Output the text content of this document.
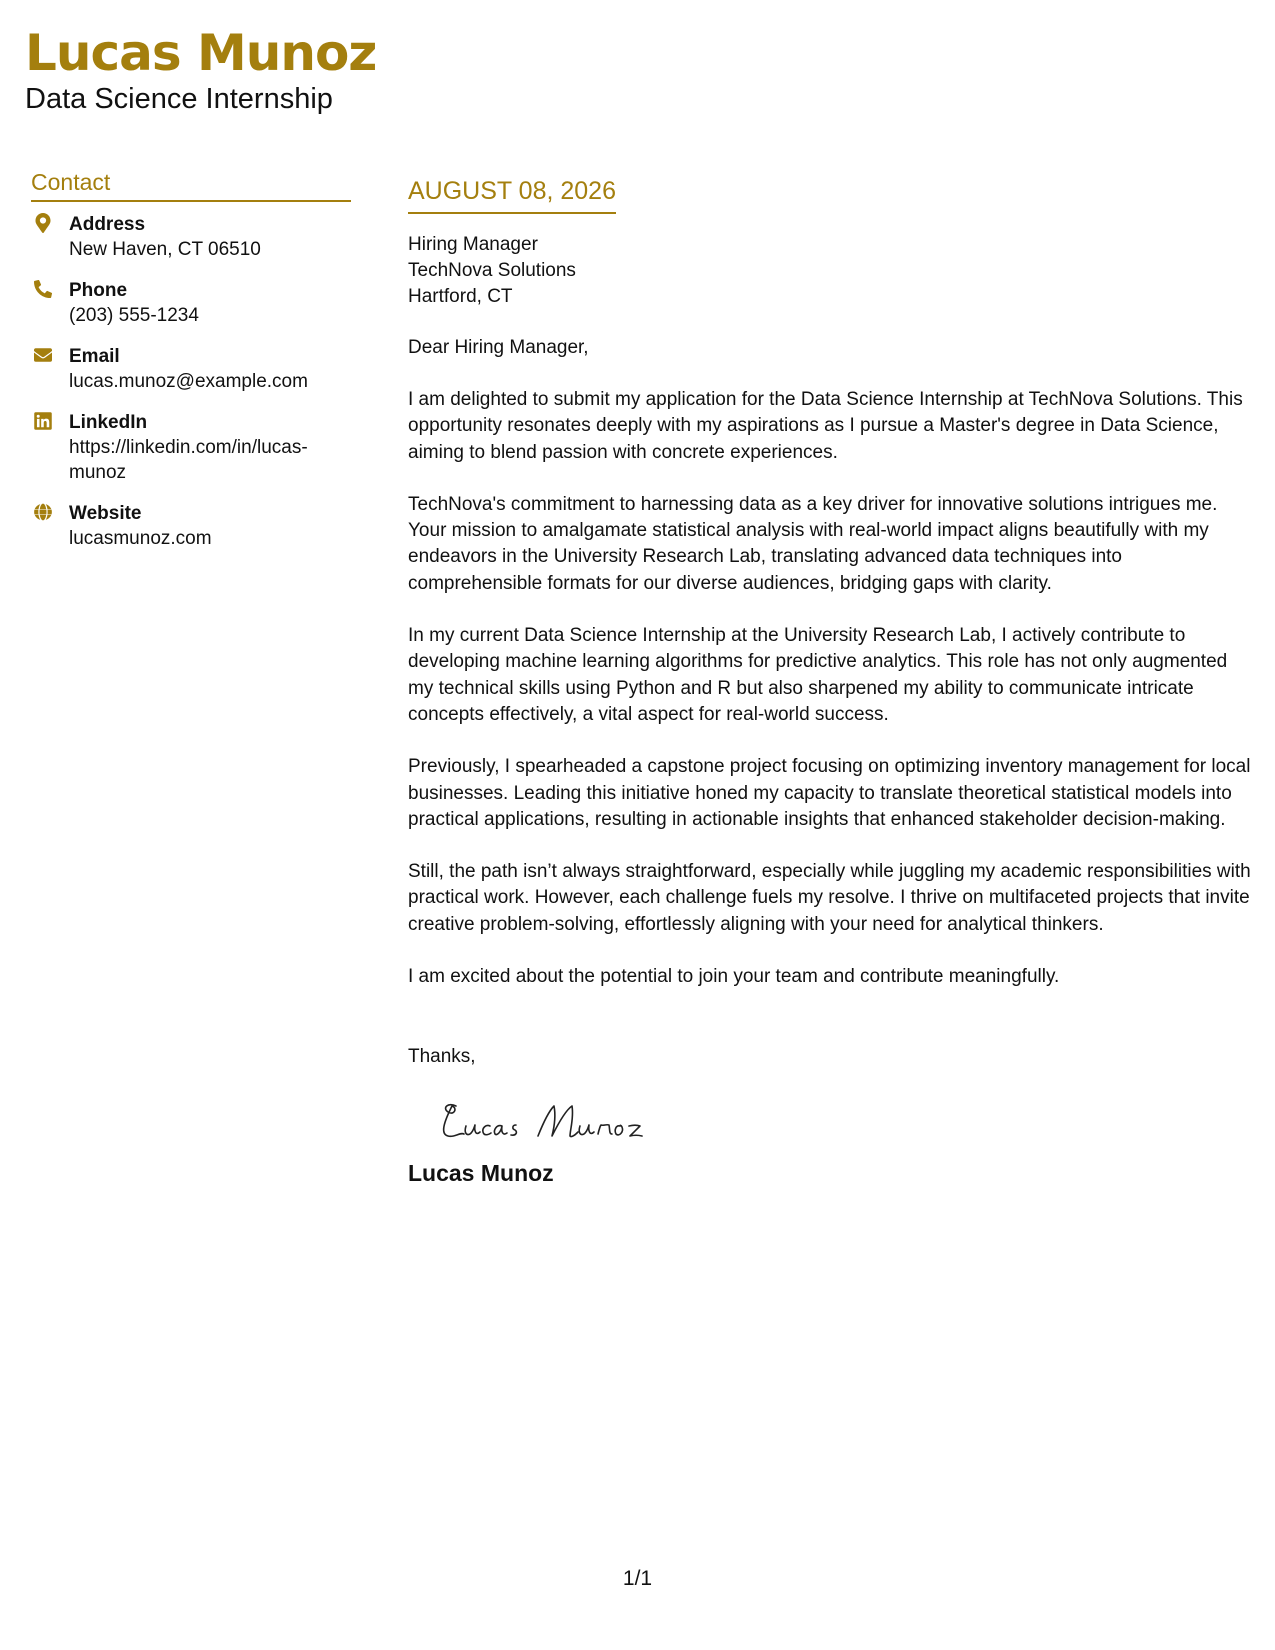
Lucas Munoz
Data Science Internship
Contact
Address
New Haven, CT 06510
Phone
(203) 555-1234
Email
lucas.munoz@example.com
LinkedIn
https://linkedin.com/in/lucas-munoz
Website
lucasmunoz.com
AUGUST 08, 2026
Hiring Manager
TechNova Solutions
Hartford, CT
Dear Hiring Manager,
I am delighted to submit my application for the Data Science Internship at TechNova Solutions. This opportunity resonates deeply with my aspirations as I pursue a Master's degree in Data Science, aiming to blend passion with concrete experiences.
TechNova's commitment to harnessing data as a key driver for innovative solutions intrigues me. Your mission to amalgamate statistical analysis with real-world impact aligns beautifully with my endeavors in the University Research Lab, translating advanced data techniques into comprehensible formats for our diverse audiences, bridging gaps with clarity.
In my current Data Science Internship at the University Research Lab, I actively contribute to developing machine learning algorithms for predictive analytics. This role has not only augmented my technical skills using Python and R but also sharpened my ability to communicate intricate concepts effectively, a vital aspect for real-world success.
Previously, I spearheaded a capstone project focusing on optimizing inventory management for local businesses. Leading this initiative honed my capacity to translate theoretical statistical models into practical applications, resulting in actionable insights that enhanced stakeholder decision-making.
Still, the path isn’t always straightforward, especially while juggling my academic responsibilities with practical work. However, each challenge fuels my resolve. I thrive on multifaceted projects that invite creative problem-solving, effortlessly aligning with your need for analytical thinkers.
I am excited about the potential to join your team and contribute meaningfully.
Thanks,
Lucas Munoz
1/1
